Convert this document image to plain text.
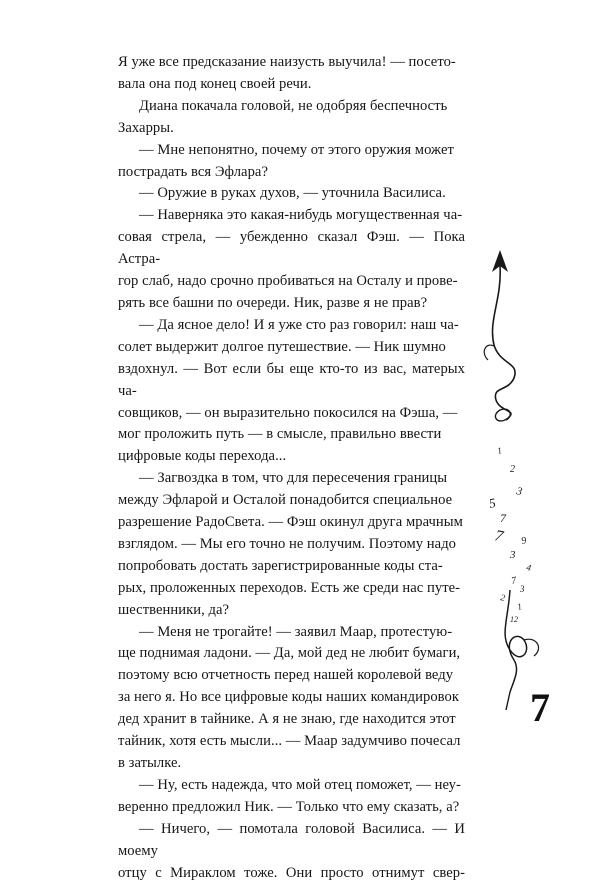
Я уже все предсказание наизусть выучила! — посето-
вала она под конец своей речи.

Диана покачала головой, не одобряя беспечность
Захарры.

— Мне непонятно, почему от этого оружия может
пострадать вся Эфлара?

— Оружие в руках духов, — уточнила Василиса.

— Наверняка это какая-нибудь могущественная ча-
совая стрела, — убежденно сказал Фэш. — Пока Астра-
гор слаб, надо срочно пробиваться на Осталу и прове-
рять все башни по очереди. Ник, разве я не прав?

— Да ясное дело! И я уже сто раз говорил: наш ча-
солет выдержит долгое путешествие. — Ник шумно
вздохнул. — Вот если бы еще кто-то из вас, матерых ча-
совщиков, — он выразительно покосился на Фэша, —
мог проложить путь — в смысле, правильно ввести
цифровые коды перехода...

— Загвоздка в том, что для пересечения границы
между Эфларой и Осталой понадобится специальное
разрешение РадоСвета. — Фэш окинул друга мрачным
взглядом. — Мы его точно не получим. Поэтому надо
попробовать достать зарегистрированные коды ста-
рых, проложенных переходов. Есть же среди нас путе-
шественники, да?

— Меня не трогайте! — заявил Маар, протестую-
ще поднимая ладони. — Да, мой дед не любит бумаги,
поэтому всю отчетность перед нашей королевой веду
за него я. Но все цифровые коды наших командировок
дед хранит в тайнике. А я не знаю, где находится этот
тайник, хотя есть мысли... — Маар задумчиво почесал
в затылке.

— Ну, есть надежда, что мой отец поможет, — неу-
веренно предложил Ник. — Только что ему сказать, а?

— Ничего, — помотала головой Василиса. — И моему
отцу с Мираклом тоже. Они просто отнимут свер-

1
2
3
5
7
7 9
3
4
7
3
2
1
12
7
